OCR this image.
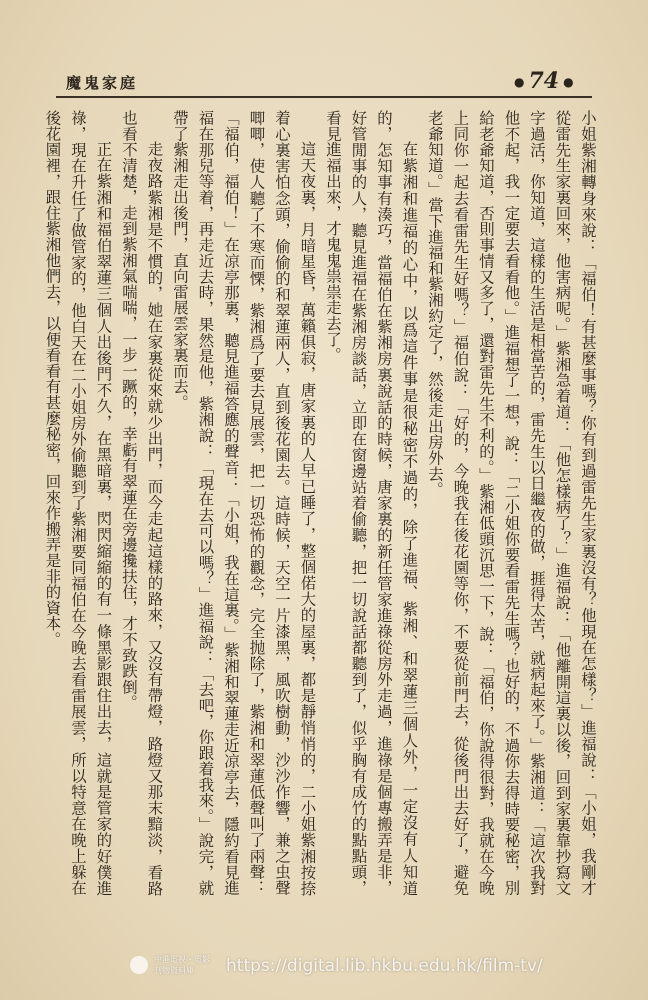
魔鬼家庭	● 74 ●

小姐紫湘轉身來說：「福伯！有甚麼事嗎？你有到過雷先生家裏沒有？他現在怎樣？」進福說：「小姐，我剛才從雷先生家裏回來，他害病呢。」紫湘急着道：「他怎樣病了？」進福說：「他離開這裏以後，回到家裏靠抄寫文字過活，你知道，這樣的生活是相當苦的，雷先生以日繼夜的做，捱得太苦，就病起來了。」紫湘道：「這次我對他不起，我一定要去看看他。」進福想了一想，說：「二小姐你要看雷先生嗎？也好的，不過你去得時要秘密，別給老爺知道，否則事情又多了，還對雷先生不利的。」紫湘低頭沉思一下，說：「福伯，你說得很對，我就在今晚上同你一起去看雷先生好嗎？」福伯說：「好的，今晚我在後花園等你，不要從前門去，從後門出去好了，避免老爺知道。」當下進福和紫湘約定了，然後走出房外去。

在紫湘和進福的心中，以爲這件事是很秘密不過的，除了進福、紫湘、和翠蓮三個人外，一定沒有人知道的，怎知事有湊巧，當福伯在紫湘房裏說話的時候，唐家裏的新任管家進祿從房外走過，進祿是個專搬弄是非，好管閒事的人，聽見進福在紫湘房談話，立即在窗邊站着偷聽，把一切說話都聽到了，似乎胸有成竹的點點頭，看見進福出來，才鬼鬼祟祟走去了。

這天夜裏，月暗星昏，萬籟俱寂，唐家裏的人早已睡了，整個偌大的屋裏，都是靜悄悄的，二小姐紫湘按捺着心裏害怕念頭，偷偷的和翠蓮兩人，直到後花園去。這時候，天空一片漆黑，風吹樹動，沙沙作響，兼之虫聲唧唧，使人聽了不寒而慄，紫湘爲了要去見展雲，把一切恐怖的觀念，完全抛除了，紫湘和翠蓮低聲叫了兩聲：「福伯，福伯！」在凉亭那裏，聽見進福答應的聲音：「小姐，我在這裏。」紫湘和翠蓮走近凉亭去，隱約看見進福在那兒等着，再走近去時，果然是他，紫湘說：「現在去可以嗎？」進福說：「去吧，你跟着我來。」說完，就帶了紫湘走出後門，直向雷展雲家裏而去。

走夜路紫湘是不慣的，她在家裏從來就少出門，而今走起這樣的路來，又沒有帶燈，路燈又那末黯淡，看路也看不清楚，走到紫湘氣喘喘，一步一蹶的，幸虧有翠蓮在旁邊攙扶住，才不致跌倒。

正在紫湘和福伯翠蓮三個人出後門不久，在黑暗裏，閃閃縮縮的有一條黑影跟住出去，這就是管家的好僕進祿，現在升任了做管家的，他白天在二小姐房外偷聽到了紫湘要同福伯在今晚去看雷展雲，所以特意在晚上躲在後花園裡，跟住紫湘他們去，以便看看有甚麼秘密，回來作搬弄是非的資本。

中港電視・電影 刊物資料庫	https://digital.lib.hkbu.edu.hk/film-tv/
